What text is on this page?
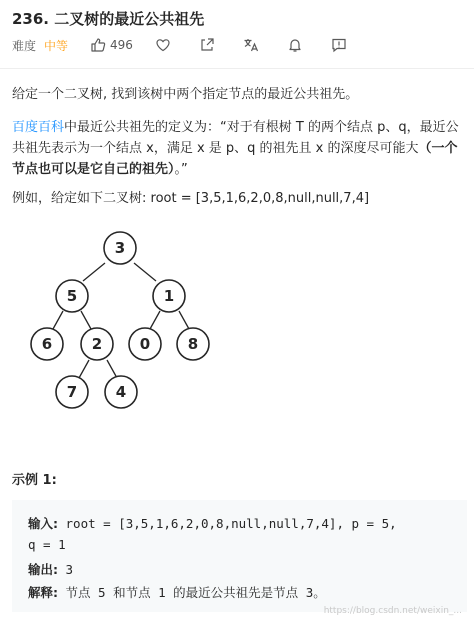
236. 二叉树的最近公共祖先
难度 中等	496
给定一个二叉树, 找到该树中两个指定节点的最近公共祖先。
百度百科中最近公共祖先的定义为：“对于有根树 T 的两个结点 p、q，最近公共祖先表示为一个结点 x，满足 x 是 p、q 的祖先且 x 的深度尽可能大（一个节点也可以是它自己的祖先）。”
例如，给定如下二叉树: root = [3,5,1,6,2,0,8,null,null,7,4]
3
5	1
6	2	0	8
7	4
示例 1:
输入: root = [3,5,1,6,2,0,8,null,null,7,4], p = 5,
q = 1
输出: 3
解释: 节点 5 和节点 1 的最近公共祖先是节点 3。
https://blog.csdn.net/weixin_...
